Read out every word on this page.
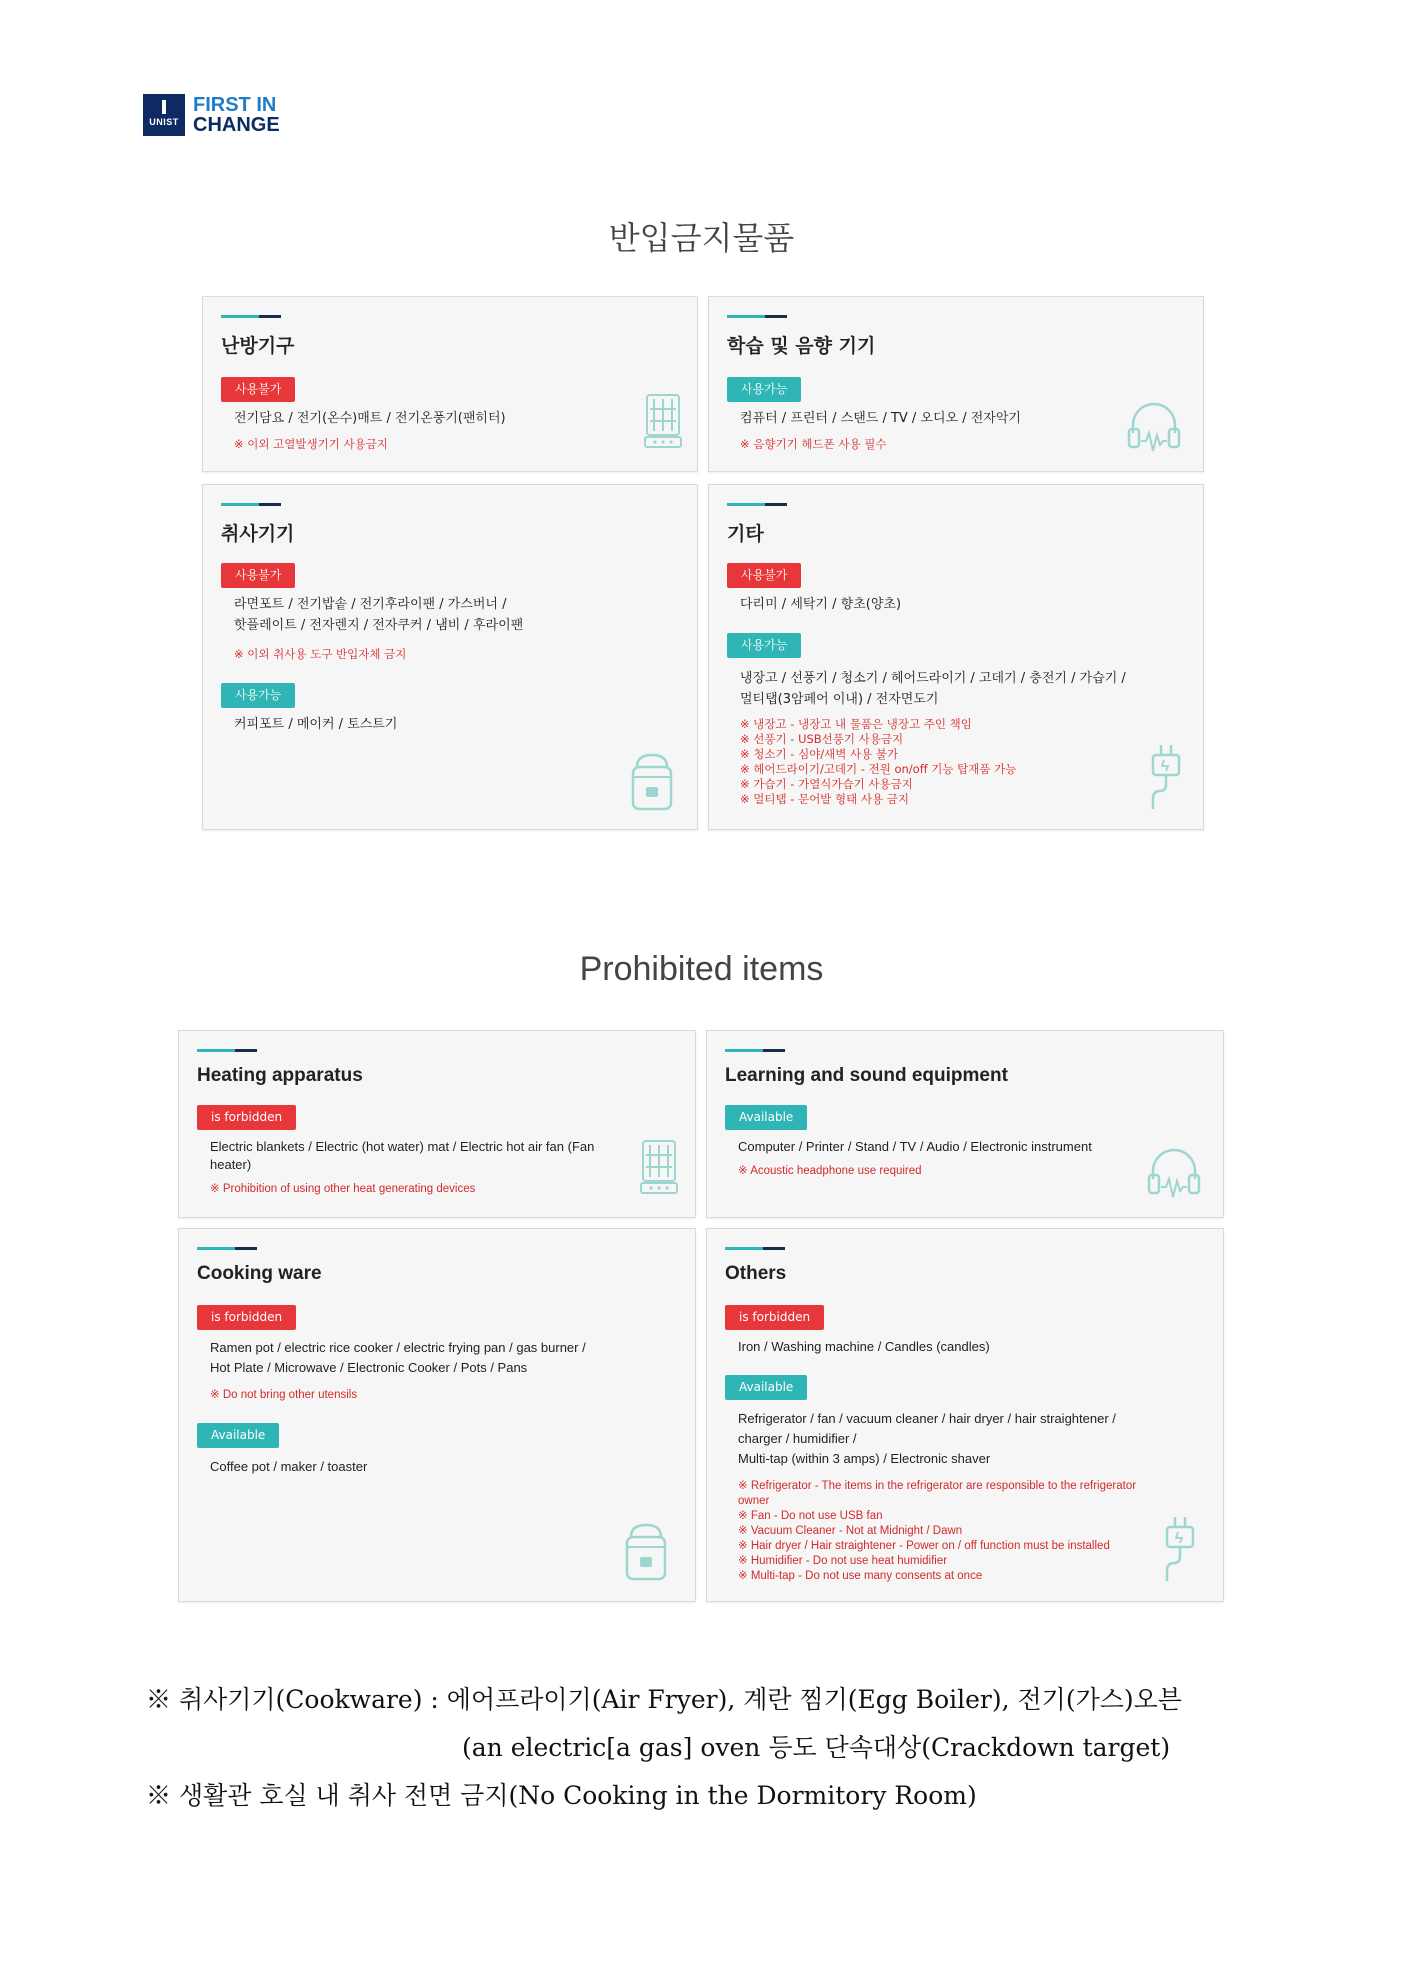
UNIST
FIRST IN
CHANGE
반입금지물품
난방기구
사용불가
전기담요 / 전기(온수)매트 / 전기온풍기(팬히터)
※ 이외 고열발생기기 사용금지
학습 및 음향 기기
사용가능
컴퓨터 / 프린터 / 스탠드 / TV / 오디오 / 전자악기
※ 음향기기 헤드폰 사용 필수
취사기기
사용불가
라면포트 / 전기밥솥 / 전기후라이팬 / 가스버너 /
핫플레이트 / 전자렌지 / 전자쿠커 / 냄비 / 후라이팬
※ 이외 취사용 도구 반입자체 금지
사용가능
커피포트 / 메이커 / 토스트기
기타
사용불가
다리미 / 세탁기 / 향초(양초)
사용가능
냉장고 / 선풍기 / 청소기 / 헤어드라이기 / 고데기 / 충전기 / 가습기 /
멀티탭(3암페어 이내) / 전자면도기
※ 냉장고 - 냉장고 내 물품은 냉장고 주인 책임
※ 선풍기 - USB선풍기 사용금지
※ 청소기 - 심야/새벽 사용 불가
※ 헤어드라이기/고데기 - 전원 on/off 기능 탑재품 가능
※ 가습기 - 가열식가습기 사용금지
※ 멀티탭 - 문어발 형태 사용 금지
Prohibited items
Heating apparatus
is forbidden
Electric blankets / Electric (hot water) mat / Electric hot air fan (Fan
heater)
※ Prohibition of using other heat generating devices
Learning and sound equipment
Available
Computer / Printer / Stand / TV / Audio / Electronic instrument
※ Acoustic headphone use required
Cooking ware
is forbidden
Ramen pot / electric rice cooker / electric frying pan / gas burner /
Hot Plate / Microwave / Electronic Cooker / Pots / Pans
※ Do not bring other utensils
Available
Coffee pot / maker / toaster
Others
is forbidden
Iron / Washing machine / Candles (candles)
Available
Refrigerator / fan / vacuum cleaner / hair dryer / hair straightener /
charger / humidifier /
Multi-tap (within 3 amps) / Electronic shaver
※ Refrigerator - The items in the refrigerator are responsible to the refrigerator
owner
※ Fan - Do not use USB fan
※ Vacuum Cleaner - Not at Midnight / Dawn
※ Hair dryer / Hair straightener - Power on / off function must be installed
※ Humidifier - Do not use heat humidifier
※ Multi-tap - Do not use many consents at once
※ 취사기기(Cookware) : 에어프라이기(Air Fryer), 계란 찜기(Egg Boiler), 전기(가스)오븐
(an electric[a gas] oven 등도 단속대상(Crackdown target)
※ 생활관 호실 내 취사 전면 금지(No Cooking in the Dormitory Room)
